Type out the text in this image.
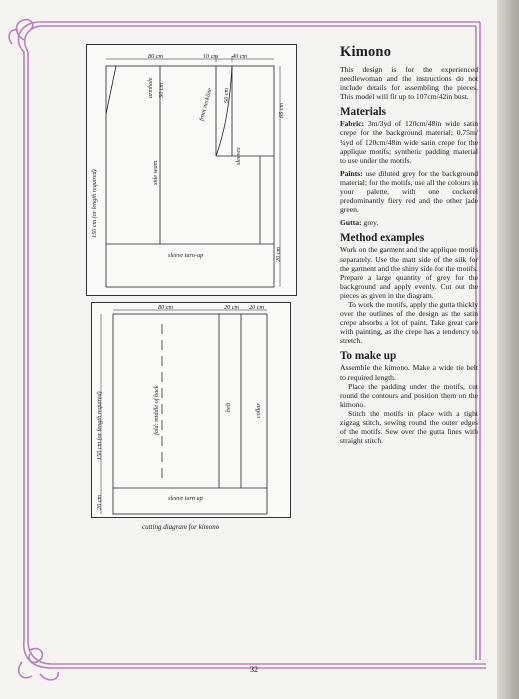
80 cm	10 cm 40 cm
armhole 30 cm	front neckline 50 cm
65 cm
side seam
sleeves
sleeve turn-up	20 cm
150 cm (or length required)
80 cm	20 cm 20 cm
fold: middle of back	belt	collar
sleeve turn up
150 cm (or length required)
20 cm
cutting diagram for kimono
Kimono

This design is for the experienced needlewoman and the instructions do not include details for assembling the pieces. This model will fit up to 107cm/42in bust.

Materials

Fabric: 3m/3yd of 120cm/48in wide satin crepe for the background material; 0.75m/¾yd of 120cm/48in wide satin crepe for the applique motifs; synthetic padding material to use under the motifs.

Paints: use diluted grey for the background material; for the motifs, use all the colours in your palette, with one cockerel predominantly fiery red and the other jade green.

Gutta: grey.

Method examples

Work on the garment and the applique motifs separately. Use the matt side of the silk for the garment and the shiny side for the motifs. Prepare a large quantity of grey for the background and apply evenly. Cut out the pieces as given in the diagram.

To work the motifs, apply the gutta thickly over the outlines of the design as the satin crepe absorbs a lot of paint. Take great care with painting, as the crepe has a tendency to stretch.

To make up

Assemble the kimono. Make a wide tie belt to required length.

Place the padding under the motifs, cut round the contours and position them on the kimono.

Stitch the motifs in place with a tight zigzag stitch, sewing round the outer edges of the motifs. Sew over the gutta lines with straight stitch.

32
